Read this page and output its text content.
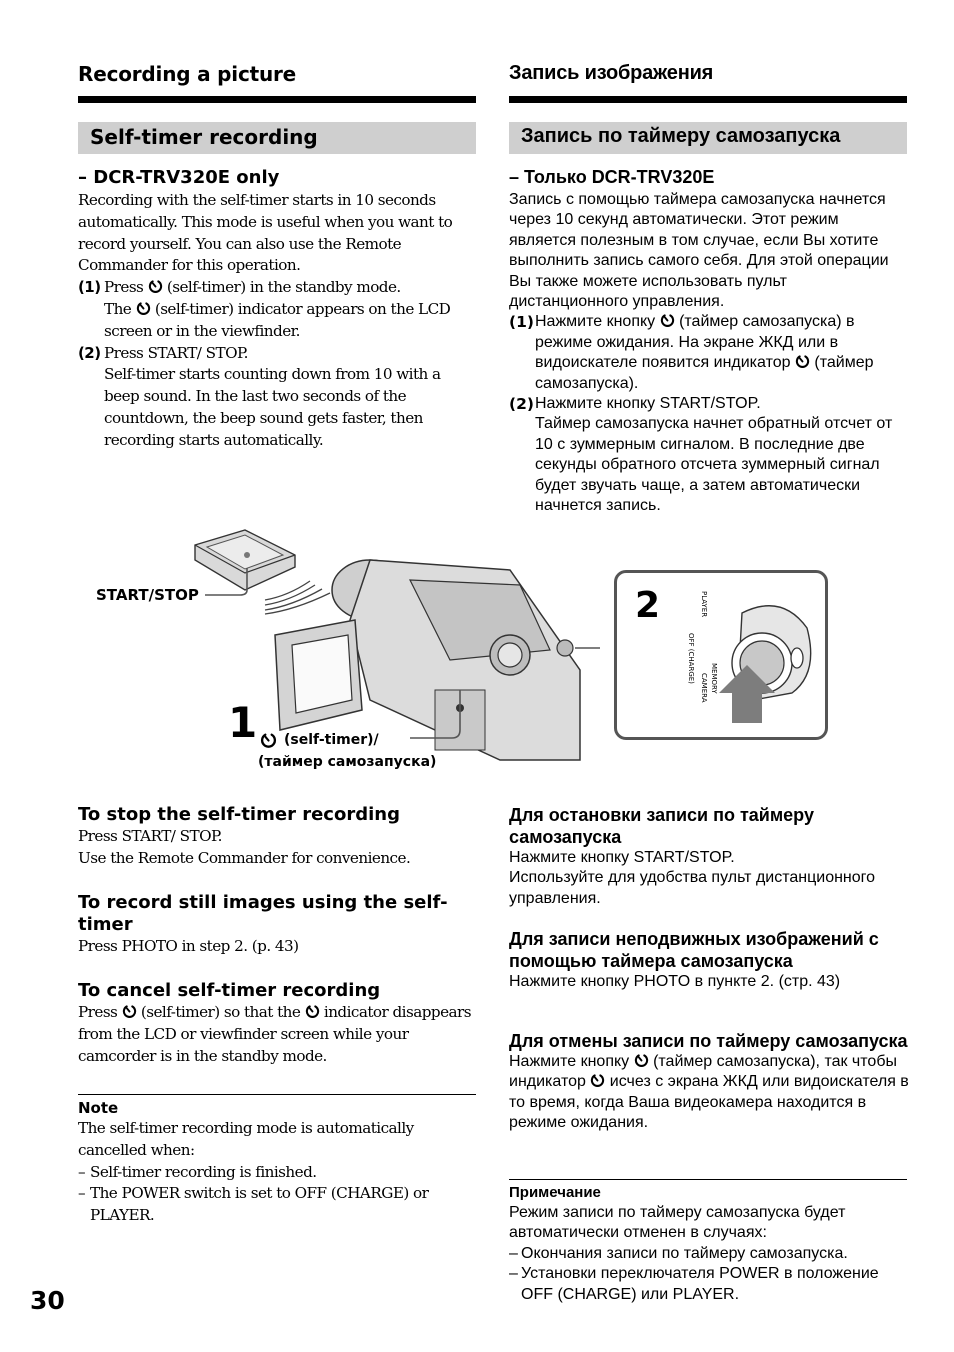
Recording a picture
Self-timer recording
– DCR-TRV320E only
Recording with the self-timer starts in 10 seconds automatically. This mode is useful when you want to record yourself. You can also use the Remote Commander for this operation.
(1) Press (self-timer) in the standby mode.
The (self-timer) indicator appears on the LCD screen or in the viewfinder.
(2) Press START/ STOP.
Self-timer starts counting down from 10 with a beep sound. In the last two seconds of the countdown, the beep sound gets faster, then recording starts automatically.
To stop the self-timer recording
Press START/ STOP.
Use the Remote Commander for convenience.
To record still images using the self-timer
Press PHOTO in step 2. (p. 43)
To cancel self-timer recording
Press (self-timer) so that the indicator disappears from the LCD or viewfinder screen while your camcorder is in the standby mode.
Note
The self-timer recording mode is automatically cancelled when:
– Self-timer recording is finished.
– The POWER switch is set to OFF (CHARGE) or PLAYER.
Запись изображения
Запись по таймеру самозапуска
– Только DCR-TRV320E
Запись с помощью таймера самозапуска начнется через 10 секунд автоматически. Этот режим является полезным в том случае, если Вы хотите выполнить запись самого себя. Для этой операции Вы также можете использовать пульт дистанционного управления.
(1) Нажмите кнопку (таймер самозапуска) в режиме ожидания. На экране ЖКД или в видоискателе появится индикатор (таймер самозапуска).
(2) Нажмите кнопку START/STOP.
Таймер самозапуска начнет обратный отсчет от 10 с зуммерным сигналом. В последние две секунды обратного отсчета зуммерный сигнал будет звучать чаще, а затем автоматически начнется запись.
Для остановки записи по таймеру самозапуска
Нажмите кнопку START/STOP.
Используйте для удобства пульт дистанционного управления.
Для записи неподвижных изображений с помощью таймера самозапуска
Нажмите кнопку PHOTO в пункте 2. (стр. 43)
Для отмены записи по таймеру самозапуска
Нажмите кнопку (таймер самозапуска), так чтобы индикатор исчез с экрана ЖКД или видоискателя в то время, когда Ваша видеокамера находится в режиме ожидания.
Примечание
Режим записи по таймеру самозапуска будет автоматически отменен в случаях:
– Окончания записи по таймеру самозапуска.
– Установки переключателя POWER в положение OFF (CHARGE) или PLAYER.
START/STOP
1 (self-timer)/
(таймер самозапуска)
2	PLAYER
OFF (CHARGE)
CAMERA MEMORY
30
